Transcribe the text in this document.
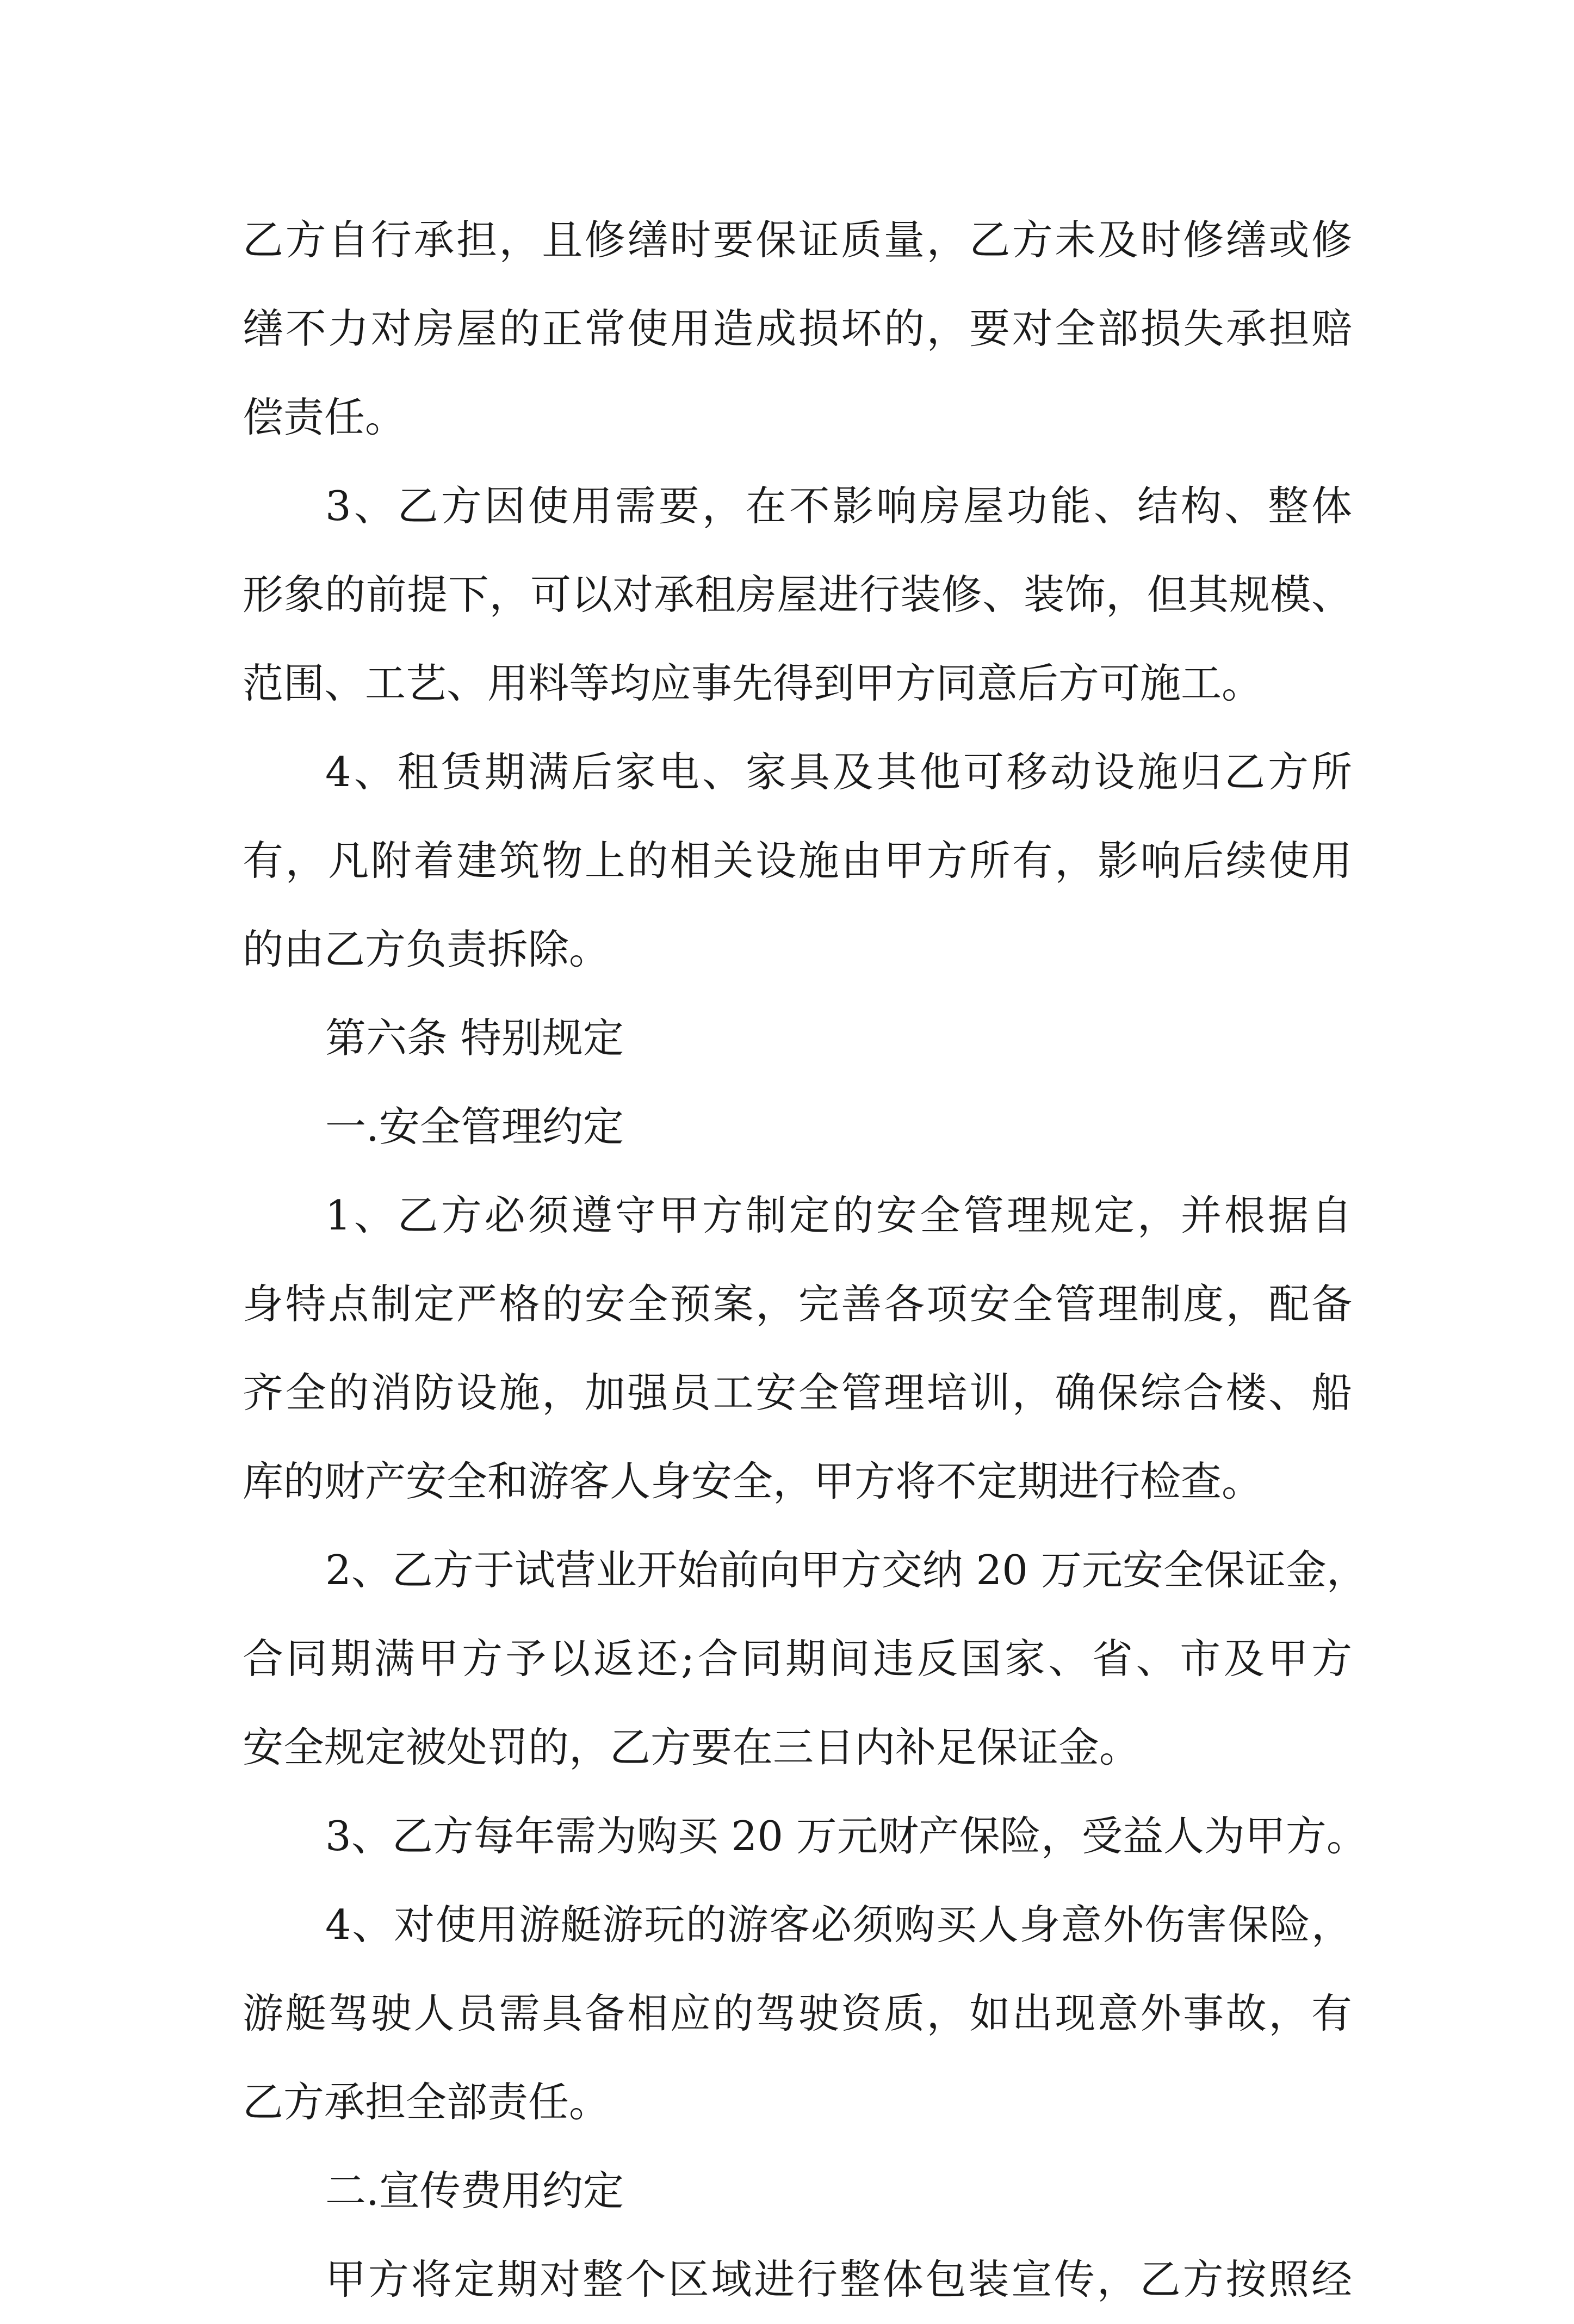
乙方自行承担，且修缮时要保证质量，乙方未及时修缮或修
缮不力对房屋的正常使用造成损坏的，要对全部损失承担赔
偿责任。
3、乙方因使用需要，在不影响房屋功能、结构、整体
形象的前提下，可以对承租房屋进行装修、装饰，但其规模、
范围、工艺、用料等均应事先得到甲方同意后方可施工。
4、租赁期满后家电、家具及其他可移动设施归乙方所
有，凡附着建筑物上的相关设施由甲方所有，影响后续使用
的由乙方负责拆除。
第六条 特别规定
一.安全管理约定
1、乙方必须遵守甲方制定的安全管理规定，并根据自
身特点制定严格的安全预案，完善各项安全管理制度，配备
齐全的消防设施，加强员工安全管理培训，确保综合楼、船
库的财产安全和游客人身安全，甲方将不定期进行检查。
2、乙方于试营业开始前向甲方交纳 20 万元安全保证金，
合同期满甲方予以返还;合同期间违反国家、省、市及甲方
安全规定被处罚的，乙方要在三日内补足保证金。
3、乙方每年需为购买 20 万元财产保险，受益人为甲方。
4、对使用游艇游玩的游客必须购买人身意外伤害保险，
游艇驾驶人员需具备相应的驾驶资质，如出现意外事故，有
乙方承担全部责任。
二.宣传费用约定
甲方将定期对整个区域进行整体包装宣传，乙方按照经
